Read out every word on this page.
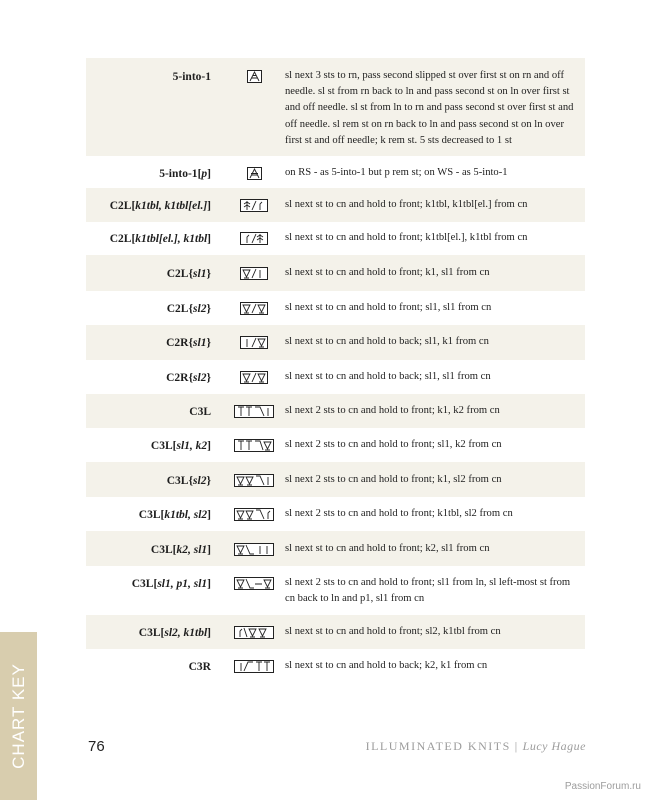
5-into-1	sl next 3 sts to rn, pass second slipped st over first st on rn and off needle. sl st from rn back to ln and pass second st on ln over first st and off needle. sl st from ln to rn and pass second st over first st and off needle. sl rem st on rn back to ln and pass second st on ln over first st and off needle; k rem st. 5 sts decreased to 1 st
5-into-1[p]	on RS - as 5-into-1 but p rem st; on WS - as 5-into-1
C2L[k1tbl, k1tbl[el.]]	sl next st to cn and hold to front; k1tbl, k1tbl[el.] from cn
C2L[k1tbl[el.], k1tbl]	sl next st to cn and hold to front; k1tbl[el.], k1tbl from cn
C2L{sl1}	sl next st to cn and hold to front; k1, sl1 from cn
C2L{sl2}	sl next st to cn and hold to front; sl1, sl1 from cn
C2R{sl1}	sl next st to cn and hold to back; sl1, k1 from cn
C2R{sl2}	sl next st to cn and hold to back; sl1, sl1 from cn
C3L	sl next 2 sts to cn and hold to front; k1, k2 from cn
C3L[sl1, k2]	sl next 2 sts to cn and hold to front; sl1, k2 from cn
C3L{sl2}	sl next 2 sts to cn and hold to front; k1, sl2 from cn
C3L[k1tbl, sl2]	sl next 2 sts to cn and hold to front; k1tbl, sl2 from cn
C3L[k2, sl1]	sl next st to cn and hold to front; k2, sl1 from cn
C3L[sl1, p1, sl1]	sl next 2 sts to cn and hold to front; sl1 from ln, sl left-most st from cn back to ln and p1, sl1 from cn
C3L[sl2, k1tbl]	sl next st to cn and hold to front; sl2, k1tbl from cn
C3R	sl next st to cn and hold to back; k2, k1 from cn
CHART KEY	76	ILLUMINATED KNITS | Lucy Hague
PassionForum.ru
